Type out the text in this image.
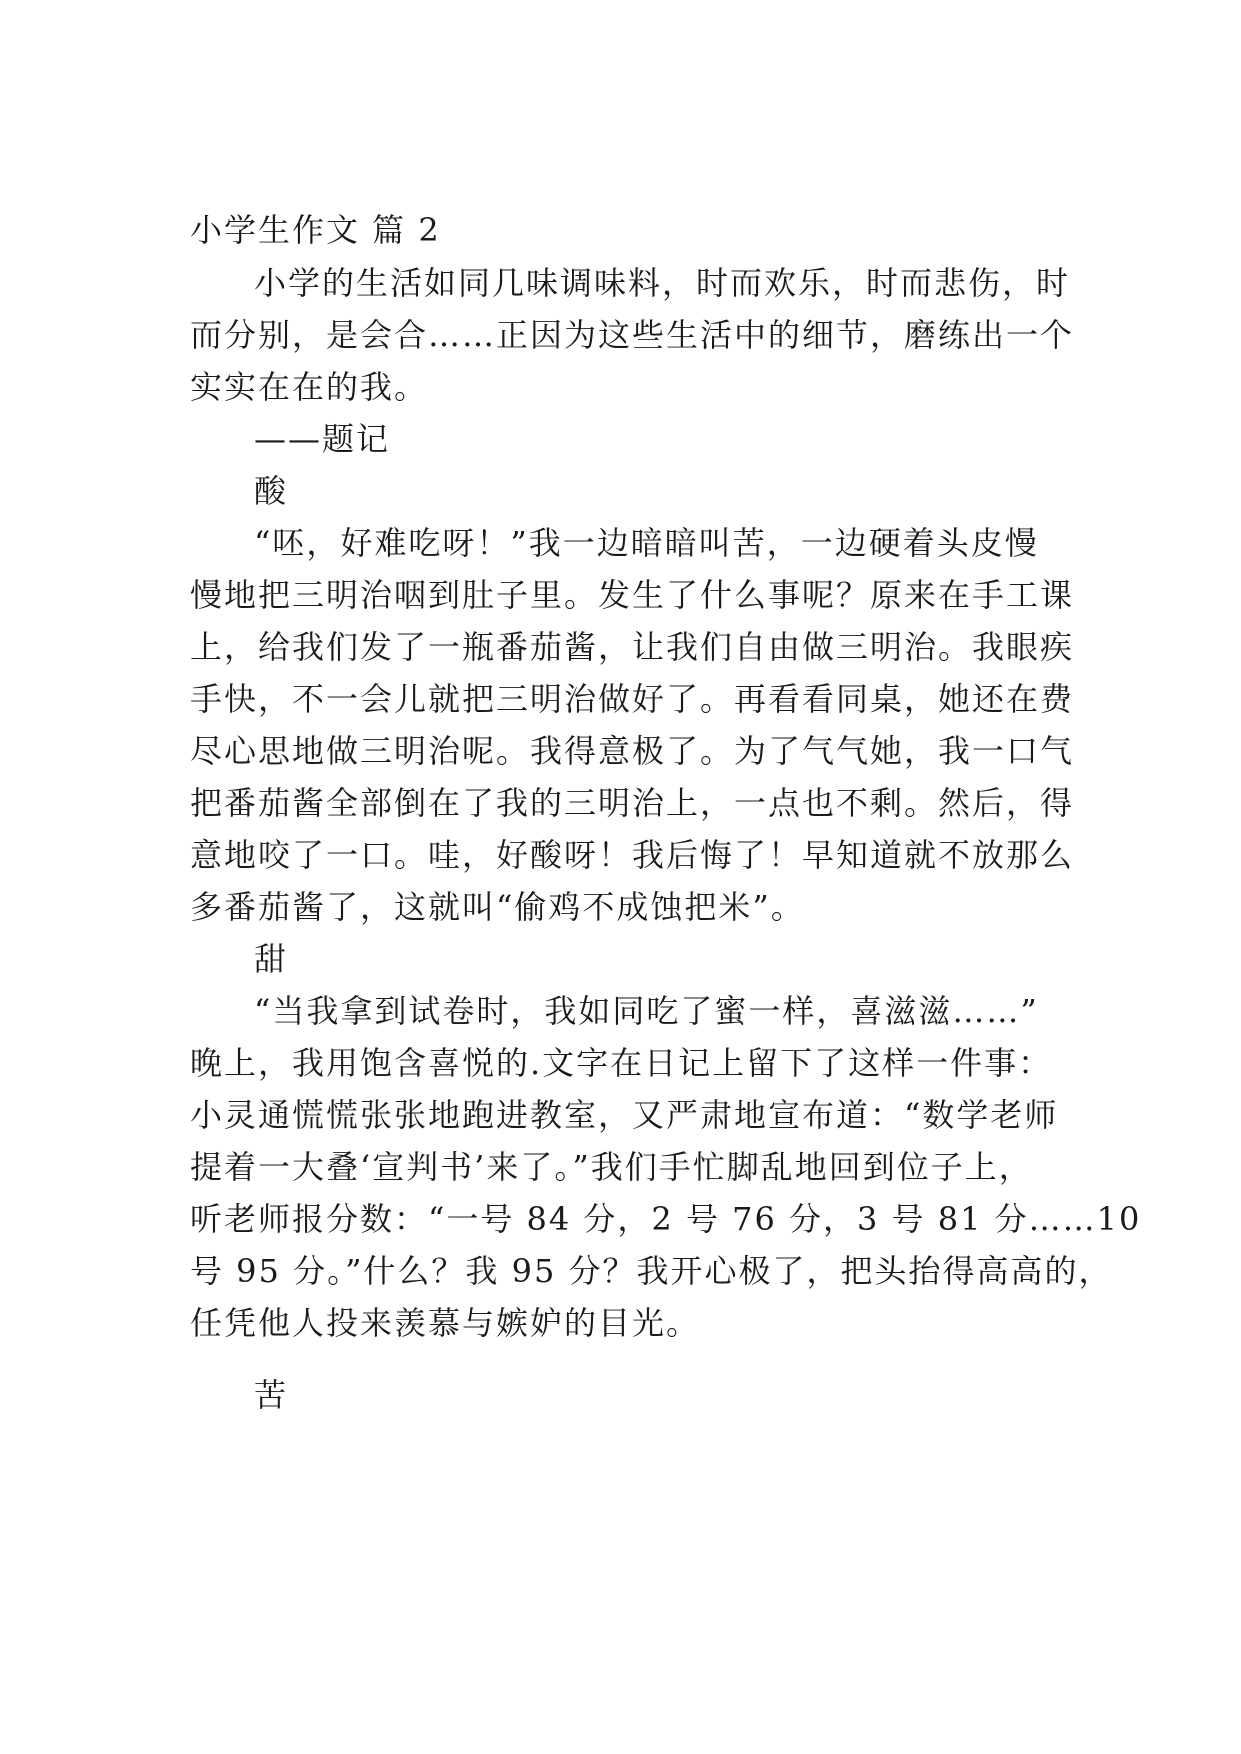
小学生作文 篇 2
小学的生活如同几味调味料，时而欢乐，时而悲伤，时
而分别，是会合……正因为这些生活中的细节，磨练出一个
实实在在的我。
——题记
酸
“呸，好难吃呀！”我一边暗暗叫苦，一边硬着头皮慢
慢地把三明治咽到肚子里。发生了什么事呢？原来在手工课
上，给我们发了一瓶番茄酱，让我们自由做三明治。我眼疾
手快，不一会儿就把三明治做好了。再看看同桌，她还在费
尽心思地做三明治呢。我得意极了。为了气气她，我一口气
把番茄酱全部倒在了我的三明治上，一点也不剩。然后，得
意地咬了一口。哇，好酸呀！我后悔了！早知道就不放那么
多番茄酱了，这就叫“偷鸡不成蚀把米”。
甜
“当我拿到试卷时，我如同吃了蜜一样，喜滋滋……”
晚上，我用饱含喜悦的.文字在日记上留下了这样一件事：
小灵通慌慌张张地跑进教室，又严肃地宣布道：“数学老师
提着一大叠‘宣判书’来了。”我们手忙脚乱地回到位子上，
听老师报分数：“一号 84 分，2 号 76 分，3 号 81 分……10
号 95 分。”什么？我 95 分？我开心极了，把头抬得高高的，
任凭他人投来羡慕与嫉妒的目光。
苦
